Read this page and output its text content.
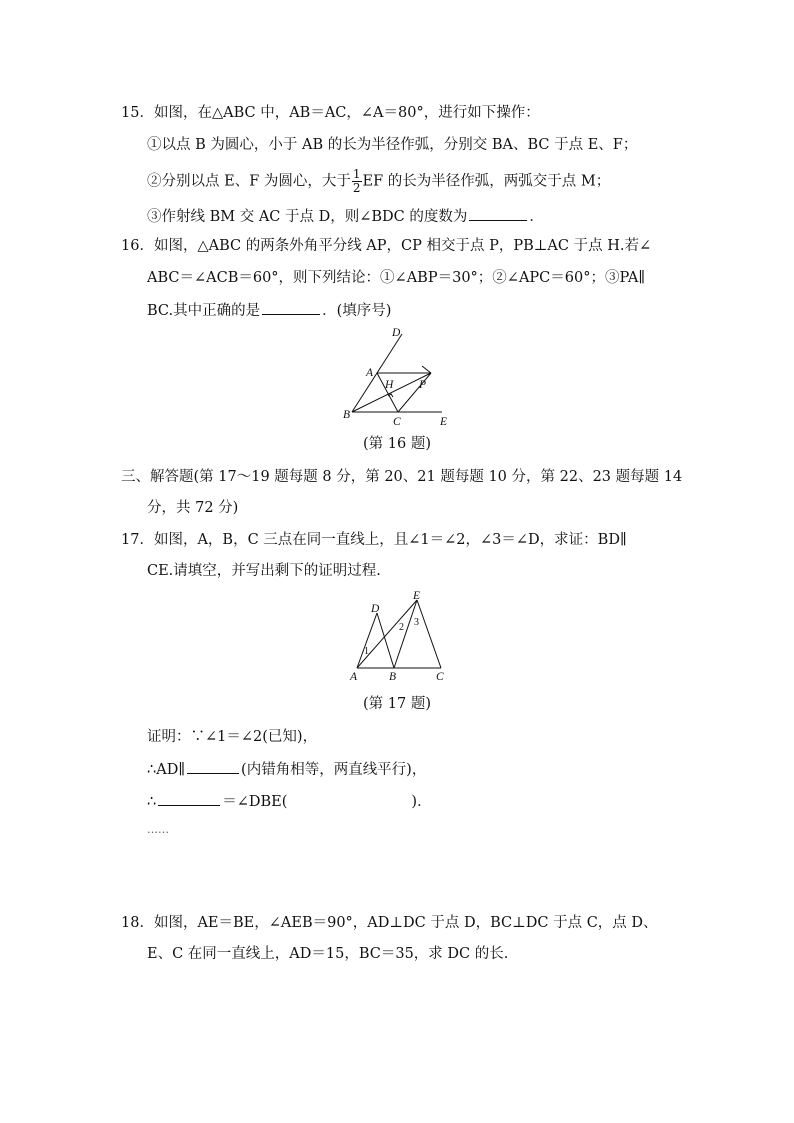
15．如图，在△ABC 中，AB＝AC，∠A＝80°，进行如下操作：
①以点 B 为圆心，小于 AB 的长为半径作弧，分别交 BA、BC 于点 E、F；
②分别以点 E、F 为圆心，大于 $\frac{1}{2}$ EF 的长为半径作弧，两弧交于点 M；
③作射线 BM 交 AC 于点 D，则∠BDC 的度数为	．
16．如图，△ABC 的两条外角平分线 AP，CP 相交于点 P，PB⊥AC 于点 H.若∠
ABC＝∠ACB＝60°，则下列结论：①∠ABP＝30°；②∠APC＝60°；③PA∥
BC.其中正确的是	．(填序号)
D
A
H P
B
C	E
(第 16 题)
三、解答题(第 17～19 题每题 8 分，第 20、21 题每题 10 分，第 22、23 题每题 14
分，共 72 分)
17．如图，A，B，C 三点在同一直线上，且∠1＝∠2，∠3＝∠D，求证：BD∥
CE.请填空，并写出剩下的证明过程.
D
E
A	B	C
1
2 3
(第 17 题)
证明：∵∠1＝∠2(已知)，
∴AD∥	(内错角相等，两直线平行)，
∴	＝∠DBE(	)．
……
18．如图，AE＝BE，∠AEB＝90°，AD⊥DC 于点 D，BC⊥DC 于点 C，点 D、
E、C 在同一直线上，AD＝15，BC＝35，求 DC 的长.
